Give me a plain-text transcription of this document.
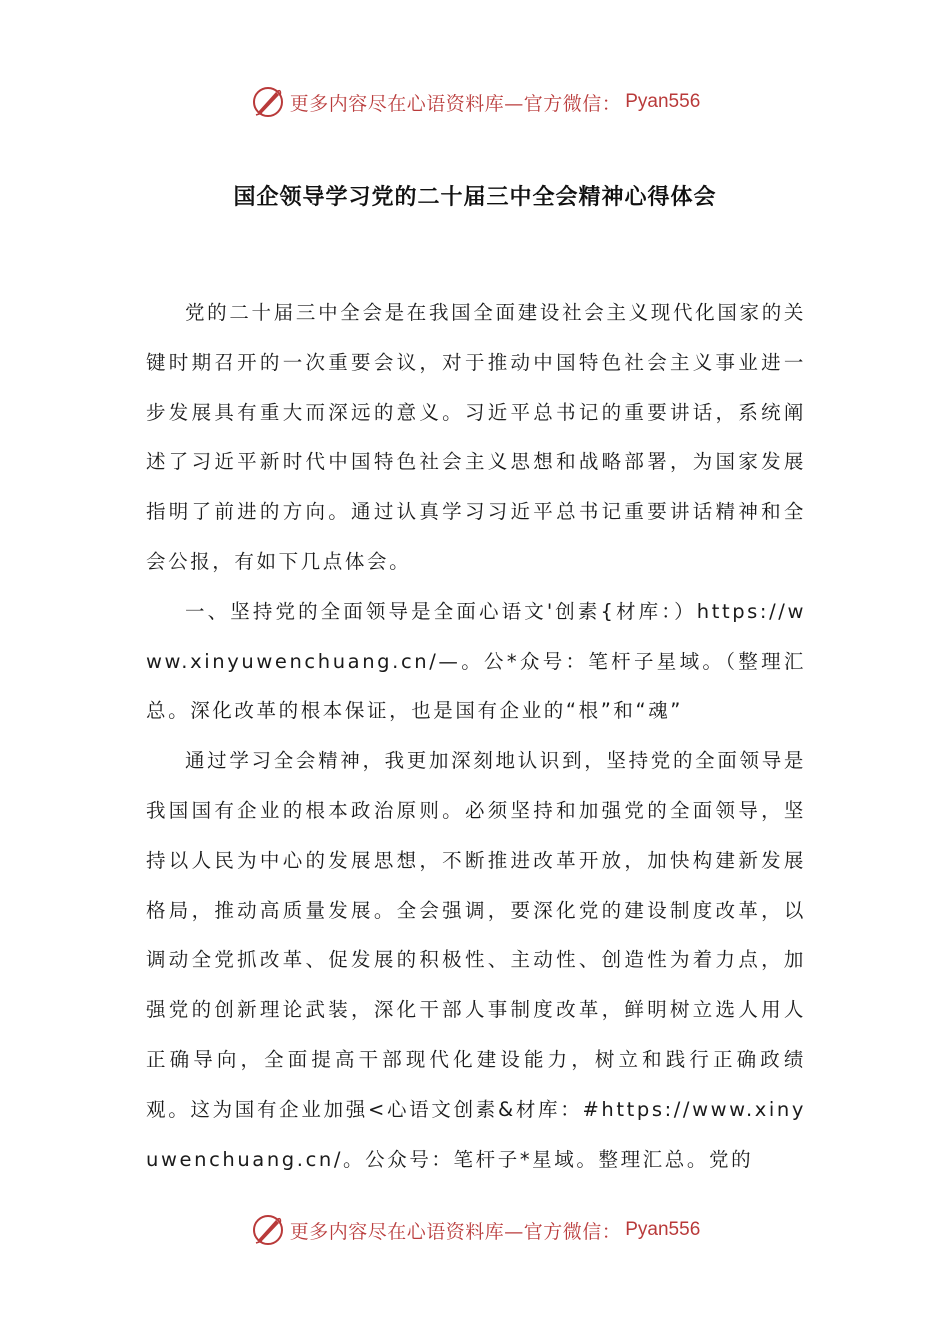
更多内容尽在心语资料库—官方微信： Pyan556
国企领导学习党的二十届三中全会精神心得体会

党的二十届三中全会是在我国全面建设社会主义现代化国家的关键时期召开的一次重要会议，对于推动中国特色社会主义事业进一步发展具有重大而深远的意义。习近平总书记的重要讲话，系统阐述了习近平新时代中国特色社会主义思想和战略部署，为国家发展指明了前进的方向。通过认真学习习近平总书记重要讲话精神和全会公报，有如下几点体会。

一、坚持党的全面领导是全面心语文'创素{材库：）https://www.xinyuwenchuang.cn/—。公*众号：笔杆子星域。（整理汇总。深化改革的根本保证，也是国有企业的“根”和“魂”

通过学习全会精神，我更加深刻地认识到，坚持党的全面领导是我国国有企业的根本政治原则。必须坚持和加强党的全面领导，坚持以人民为中心的发展思想，不断推进改革开放，加快构建新发展格局，推动高质量发展。全会强调，要深化党的建设制度改革，以调动全党抓改革、促发展的积极性、主动性、创造性为着力点，加强党的创新理论武装，深化干部人事制度改革，鲜明树立选人用人正确导向，全面提高干部现代化建设能力，树立和践行正确政绩观。这为国有企业加强<心语文创素&材库：#https://www.xinyuwenchuang.cn/。公众号：笔杆子*星域。整理汇总。党的

更多内容尽在心语资料库—官方微信： Pyan556
